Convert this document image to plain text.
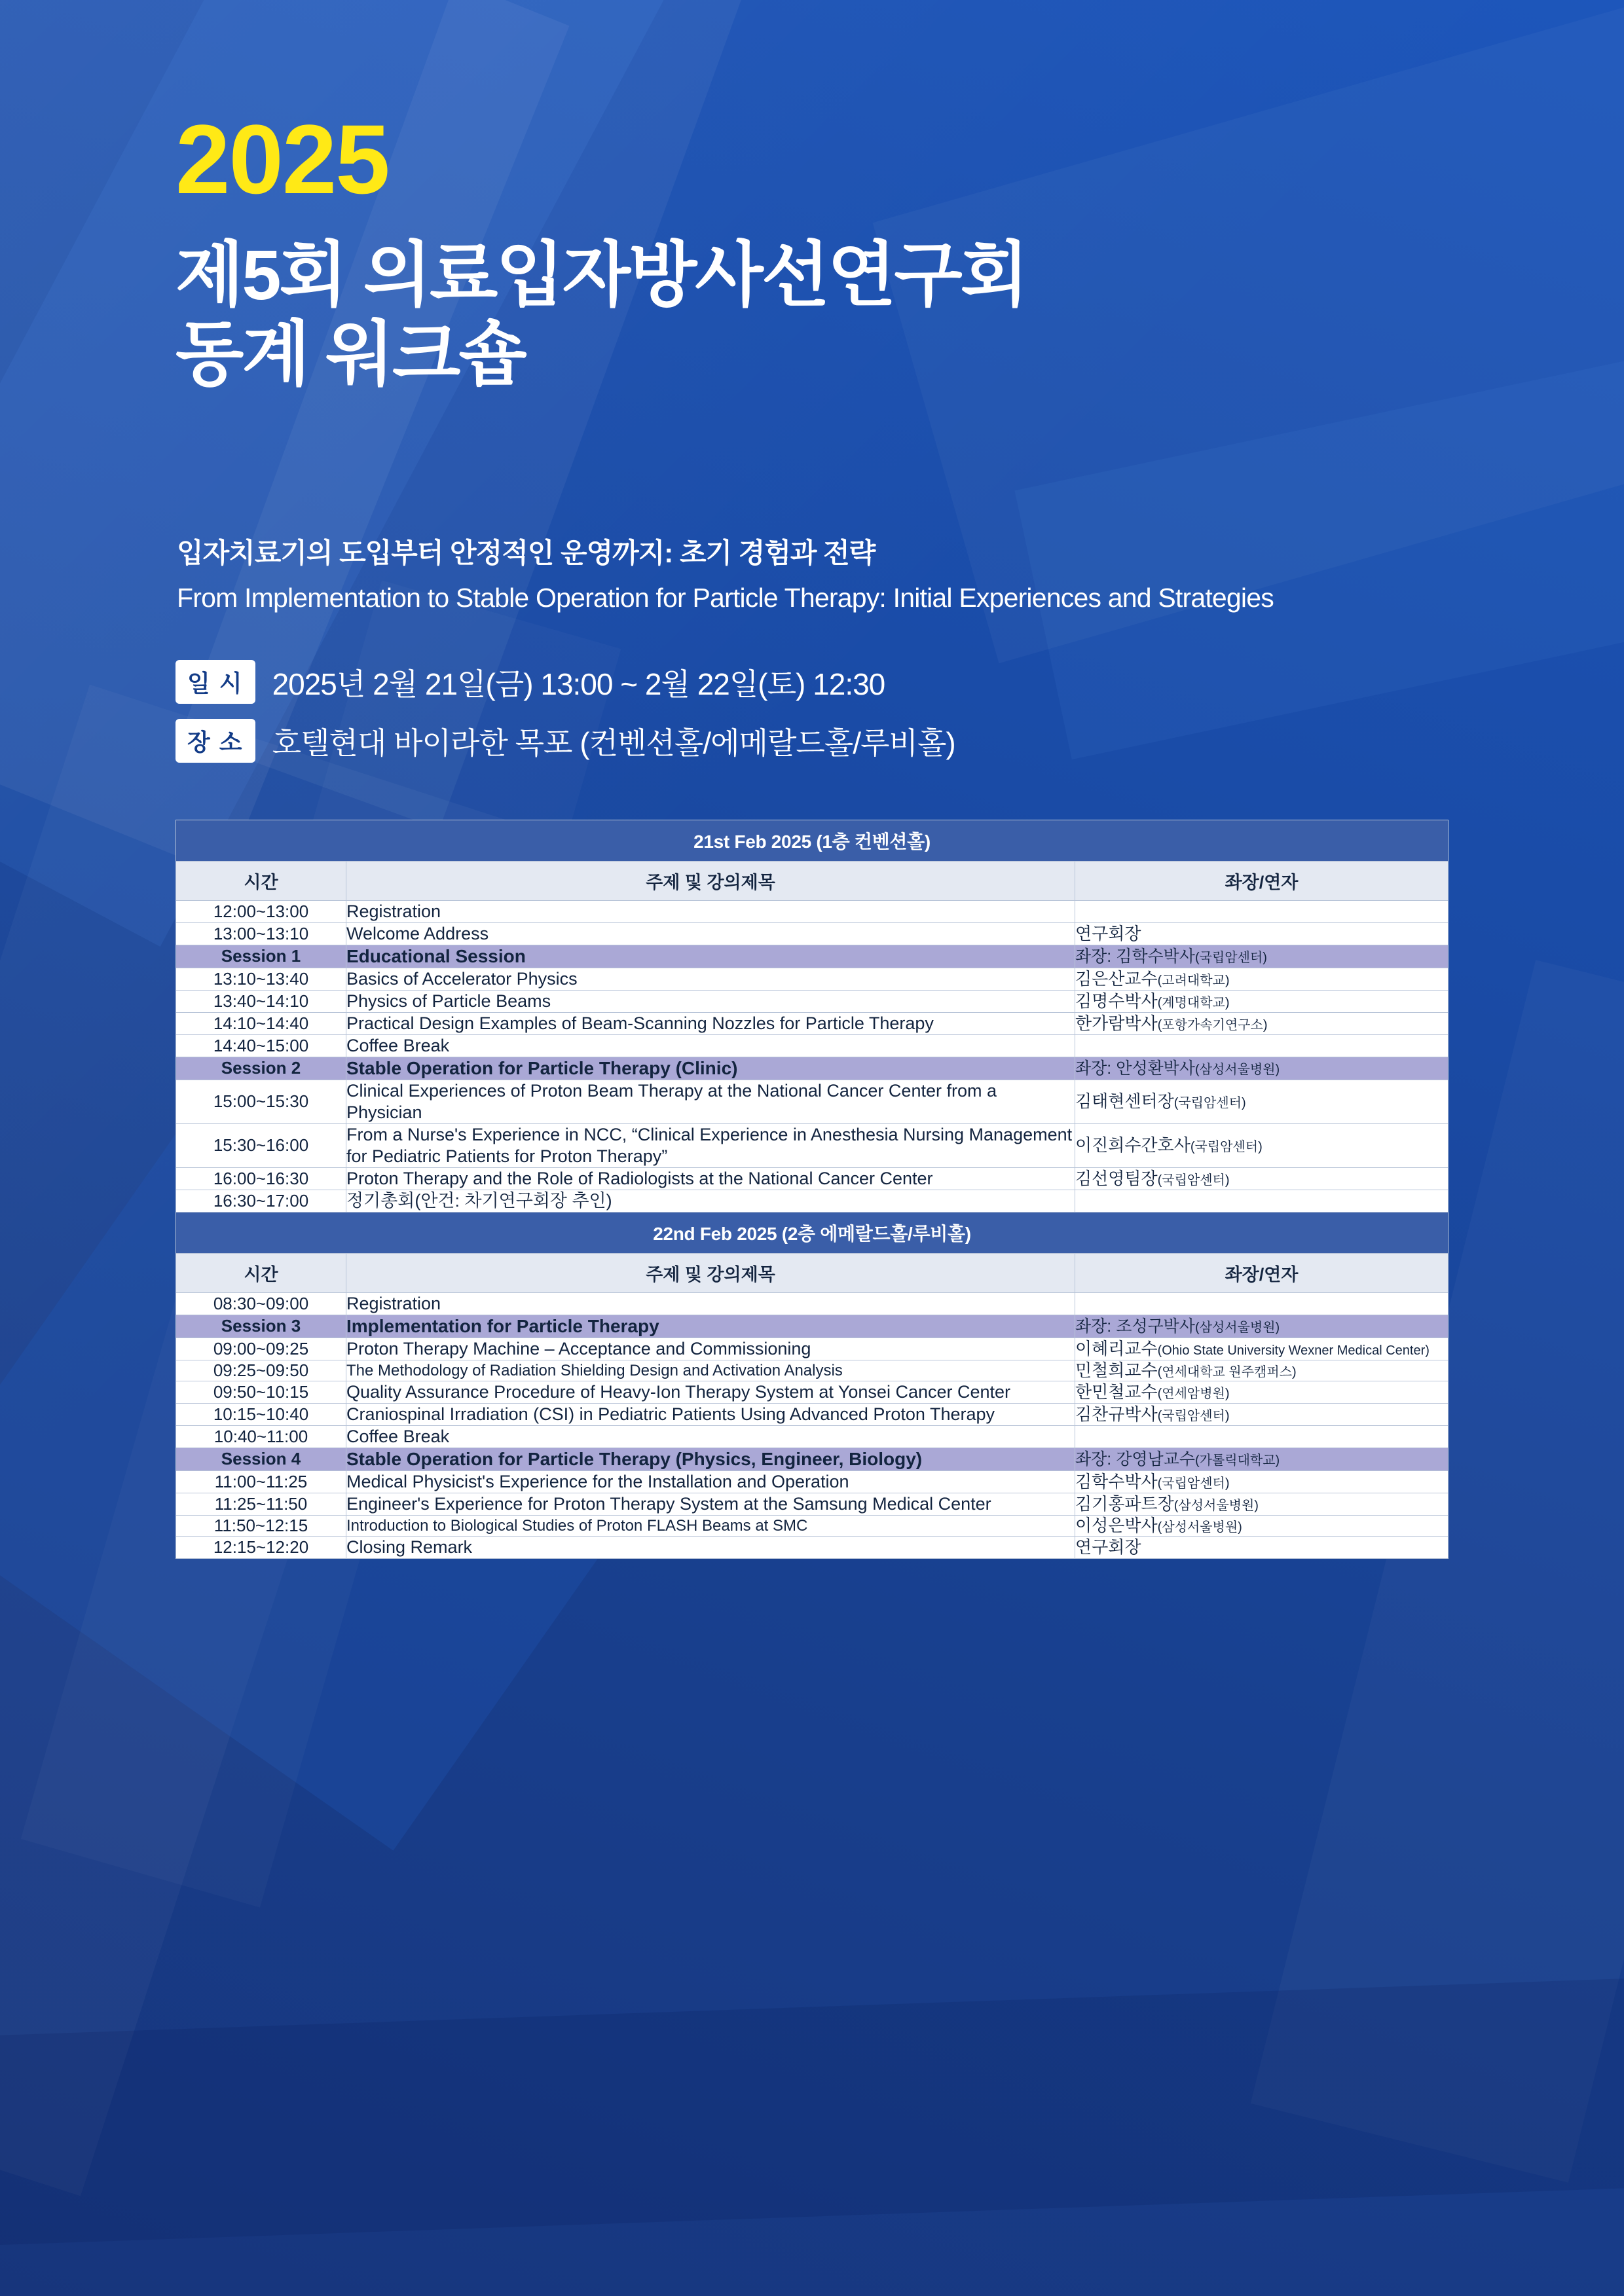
2025
제5회 의료입자방사선연구회
동계 워크숍
입자치료기의 도입부터 안정적인 운영까지: 초기 경험과 전략
From Implementation to Stable Operation for Particle Therapy: Initial Experiences and Strategies
일 시 2025년 2월 21일(금) 13:00 ~ 2월 22일(토) 12:30
장 소 호텔현대 바이라한 목포 (컨벤션홀/에메랄드홀/루비홀)
21st Feb 2025 (1층 컨벤션홀)		
시간	주제 및 강의제목	좌장/연자
12:00~13:00	Registration	
13:00~13:10	Welcome Address	연구회장
Session 1	Educational Session	좌장: 김학수박사(국립암센터)
13:10~13:40	Basics of Accelerator Physics	김은산교수(고려대학교)
13:40~14:10	Physics of Particle Beams	김명수박사(계명대학교)
14:10~14:40	Practical Design Examples of Beam-Scanning Nozzles for Particle Therapy	한가람박사(포항가속기연구소)
14:40~15:00	Coffee Break	
Session 2	Stable Operation for Particle Therapy (Clinic)	좌장: 안성환박사(삼성서울병원)
15:00~15:30	Clinical Experiences of Proton Beam Therapy at the National Cancer Center from a Physician	김태현센터장(국립암센터)
15:30~16:00	From a Nurse's Experience in NCC, “Clinical Experience in Anesthesia Nursing Management for Pediatric Patients for Proton Therapy”	이진희수간호사(국립암센터)
16:00~16:30	Proton Therapy and the Role of Radiologists at the National Cancer Center	김선영팀장(국립암센터)
16:30~17:00	정기총회(안건: 차기연구회장 추인)	
22nd Feb 2025 (2층 에메랄드홀/루비홀)		
시간	주제 및 강의제목	좌장/연자
08:30~09:00	Registration	
Session 3	Implementation for Particle Therapy	좌장: 조성구박사(삼성서울병원)
09:00~09:25	Proton Therapy Machine – Acceptance and Commissioning	이혜리교수(Ohio State University Wexner Medical Center)
09:25~09:50	The Methodology of Radiation Shielding Design and Activation Analysis	민철희교수(연세대학교 원주캠퍼스)
09:50~10:15	Quality Assurance Procedure of Heavy-Ion Therapy System at Yonsei Cancer Center	한민철교수(연세암병원)
10:15~10:40	Craniospinal Irradiation (CSI) in Pediatric Patients Using Advanced Proton Therapy	김찬규박사(국립암센터)
10:40~11:00	Coffee Break	
Session 4	Stable Operation for Particle Therapy (Physics, Engineer, Biology)	좌장: 강영남교수(가톨릭대학교)
11:00~11:25	Medical Physicist's Experience for the Installation and Operation	김학수박사(국립암센터)
11:25~11:50	Engineer's Experience for Proton Therapy System at the Samsung Medical Center	김기홍파트장(삼성서울병원)
11:50~12:15	Introduction to Biological Studies of Proton FLASH Beams at SMC	이성은박사(삼성서울병원)
12:15~12:20	Closing Remark	연구회장
